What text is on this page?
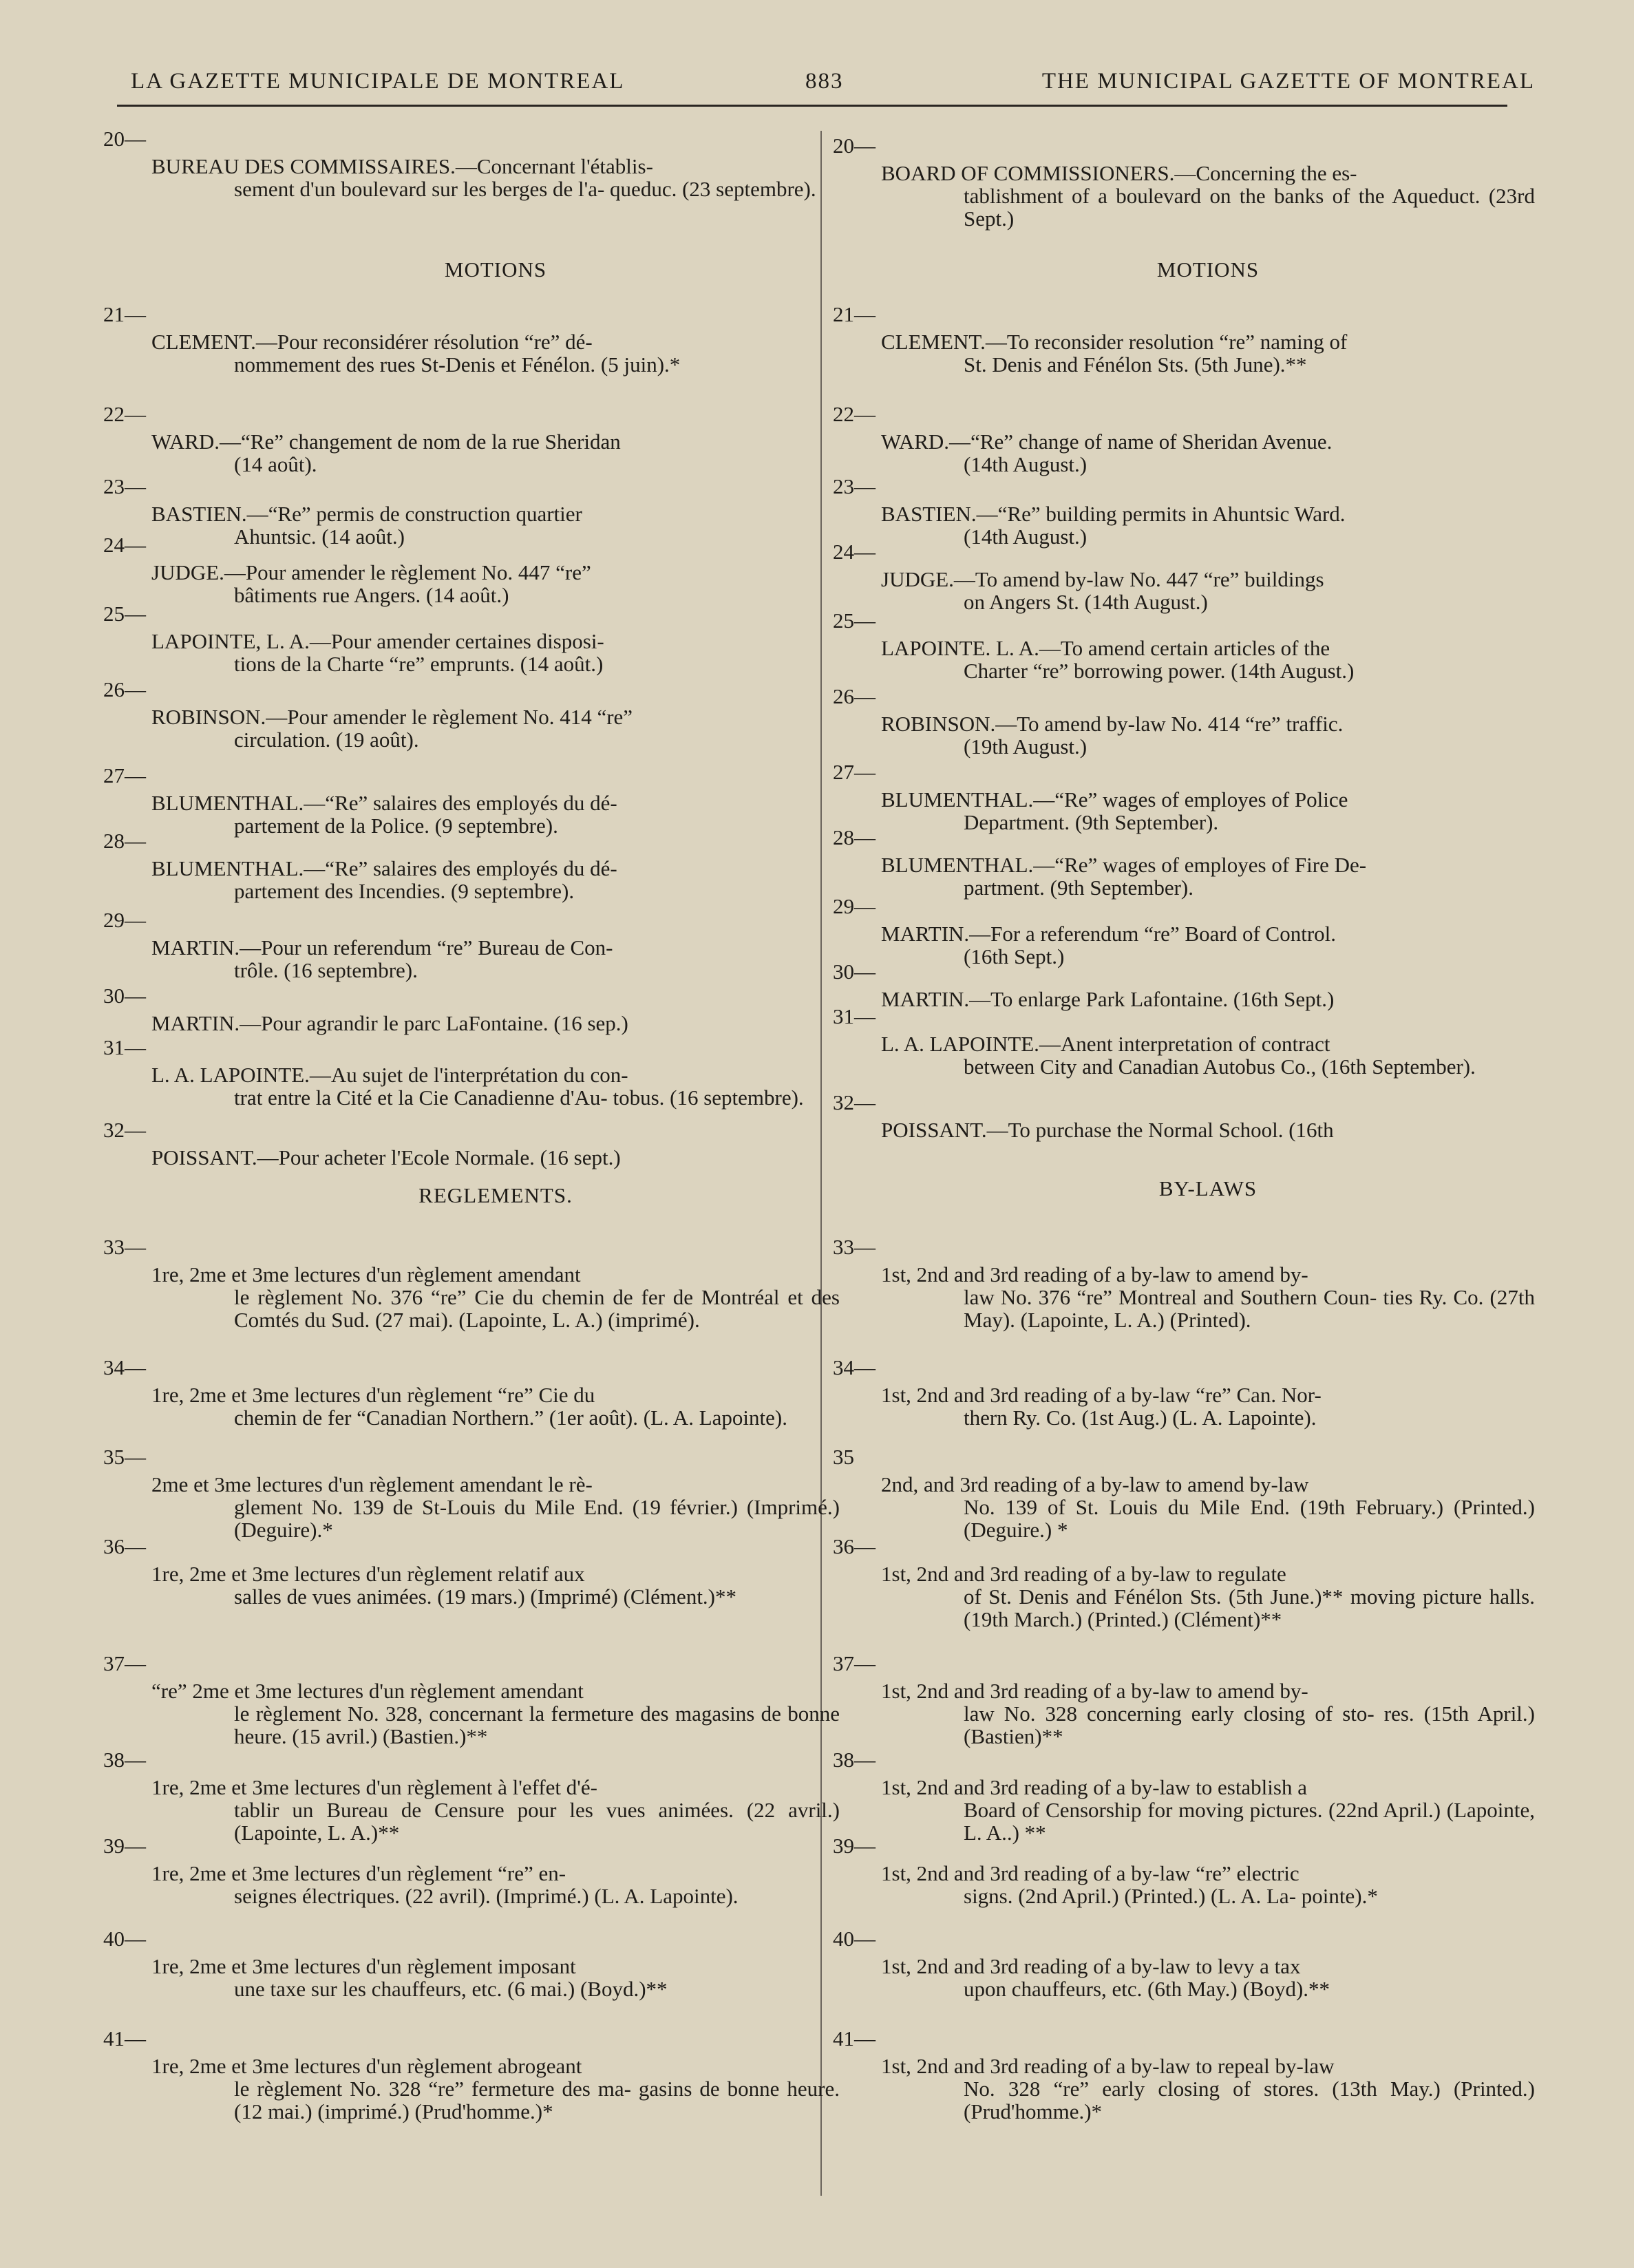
LA GAZETTE MUNICIPALE DE MONTREAL	883	THE MUNICIPAL GAZETTE OF MONTREAL
MOTIONS
REGLEMENTS.
20—

BUREAU DES COMMISSAIRES.—Concernant l'établis-

sement d'un boulevard sur les berges de l'a- queduc. (23 septembre).

21—

CLEMENT.—Pour reconsidérer résolution “re” dé-

nommement des rues St-Denis et Fénélon. (5 juin).*

22—

WARD.—“Re” changement de nom de la rue Sheridan

(14 août).

23—

BASTIEN.—“Re” permis de construction quartier

Ahuntsic. (14 août.)

24—

JUDGE.—Pour amender le règlement No. 447 “re”

bâtiments rue Angers. (14 août.)

25—

LAPOINTE, L. A.—Pour amender certaines disposi-

tions de la Charte “re” emprunts. (14 août.)

26—

ROBINSON.—Pour amender le règlement No. 414 “re”

circulation. (19 août).

27—

BLUMENTHAL.—“Re” salaires des employés du dé-

partement de la Police. (9 septembre).

28—

BLUMENTHAL.—“Re” salaires des employés du dé-

partement des Incendies. (9 septembre).

29—

MARTIN.—Pour un referendum “re” Bureau de Con-

trôle. (16 septembre).

30—

MARTIN.—Pour agrandir le parc LaFontaine. (16 sep.)

31—

L. A. LAPOINTE.—Au sujet de l'interprétation du con-

trat entre la Cité et la Cie Canadienne d'Au- tobus. (16 septembre).

32—

POISSANT.—Pour acheter l'Ecole Normale. (16 sept.)

33—

1re, 2me et 3me lectures d'un règlement amendant

le règlement No. 376 “re” Cie du chemin de fer de Montréal et des Comtés du Sud. (27 mai). (Lapointe, L. A.) (imprimé).

34—

1re, 2me et 3me lectures d'un règlement “re” Cie du

chemin de fer “Canadian Northern.” (1er août). (L. A. Lapointe).

35—

2me et 3me lectures d'un règlement amendant le rè-

glement No. 139 de St-Louis du Mile End. (19 février.) (Imprimé.) (Deguire).*

36—

1re, 2me et 3me lectures d'un règlement relatif aux

salles de vues animées. (19 mars.) (Imprimé) (Clément.)**

37—

“re” 2me et 3me lectures d'un règlement amendant

le règlement No. 328, concernant la fermeture des magasins de bonne heure. (15 avril.) (Bastien.)**

38—

1re, 2me et 3me lectures d'un règlement à l'effet d'é-

tablir un Bureau de Censure pour les vues animées. (22 avril.) (Lapointe, L. A.)**

39—

1re, 2me et 3me lectures d'un règlement “re” en-

seignes électriques. (22 avril). (Imprimé.) (L. A. Lapointe).

40—

1re, 2me et 3me lectures d'un règlement imposant

une taxe sur les chauffeurs, etc. (6 mai.) (Boyd.)**

41—

1re, 2me et 3me lectures d'un règlement abrogeant

le règlement No. 328 “re” fermeture des ma- gasins de bonne heure. (12 mai.) (imprimé.) (Prud'homme.)*

MOTIONS
BY-LAWS
20—

BOARD OF COMMISSIONERS.—Concerning the es-

tablishment of a boulevard on the banks of the Aqueduct. (23rd Sept.)

21—

CLEMENT.—To reconsider resolution “re” naming of

St. Denis and Fénélon Sts. (5th June).**

22—

WARD.—“Re” change of name of Sheridan Avenue.

(14th August.)

23—

BASTIEN.—“Re” building permits in Ahuntsic Ward.

(14th August.)

24—

JUDGE.—To amend by-law No. 447 “re” buildings

on Angers St. (14th August.)

25—

LAPOINTE. L. A.—To amend certain articles of the

Charter “re” borrowing power. (14th August.)

26—

ROBINSON.—To amend by-law No. 414 “re” traffic.

(19th August.)

27—

BLUMENTHAL.—“Re” wages of employes of Police

Department. (9th September).

28—

BLUMENTHAL.—“Re” wages of employes of Fire De-

partment. (9th September).

29—

MARTIN.—For a referendum “re” Board of Control.

(16th Sept.)

30—

MARTIN.—To enlarge Park Lafontaine. (16th Sept.)

31—

L. A. LAPOINTE.—Anent interpretation of contract

between City and Canadian Autobus Co., (16th September).

32—

POISSANT.—To purchase the Normal School. (16th

33—

1st, 2nd and 3rd reading of a by-law to amend by-

law No. 376 “re” Montreal and Southern Coun- ties Ry. Co. (27th May). (Lapointe, L. A.) (Printed).

34—

1st, 2nd and 3rd reading of a by-law “re” Can. Nor-

thern Ry. Co. (1st Aug.) (L. A. Lapointe).

35

2nd, and 3rd reading of a by-law to amend by-law

No. 139 of St. Louis du Mile End. (19th February.) (Printed.) (Deguire.) *

36—

1st, 2nd and 3rd reading of a by-law to regulate

of St. Denis and Fénélon Sts. (5th June.)** moving picture halls. (19th March.) (Printed.) (Clément)**

37—

1st, 2nd and 3rd reading of a by-law to amend by-

law No. 328 concerning early closing of sto- res. (15th April.) (Bastien)**

38—

1st, 2nd and 3rd reading of a by-law to establish a

Board of Censorship for moving pictures. (22nd April.) (Lapointe, L. A..) **

39—

1st, 2nd and 3rd reading of a by-law “re” electric

signs. (2nd April.) (Printed.) (L. A. La- pointe).*

40—

1st, 2nd and 3rd reading of a by-law to levy a tax

upon chauffeurs, etc. (6th May.) (Boyd).**

41—

1st, 2nd and 3rd reading of a by-law to repeal by-law

No. 328 “re” early closing of stores. (13th May.) (Printed.) (Prud'homme.)*
